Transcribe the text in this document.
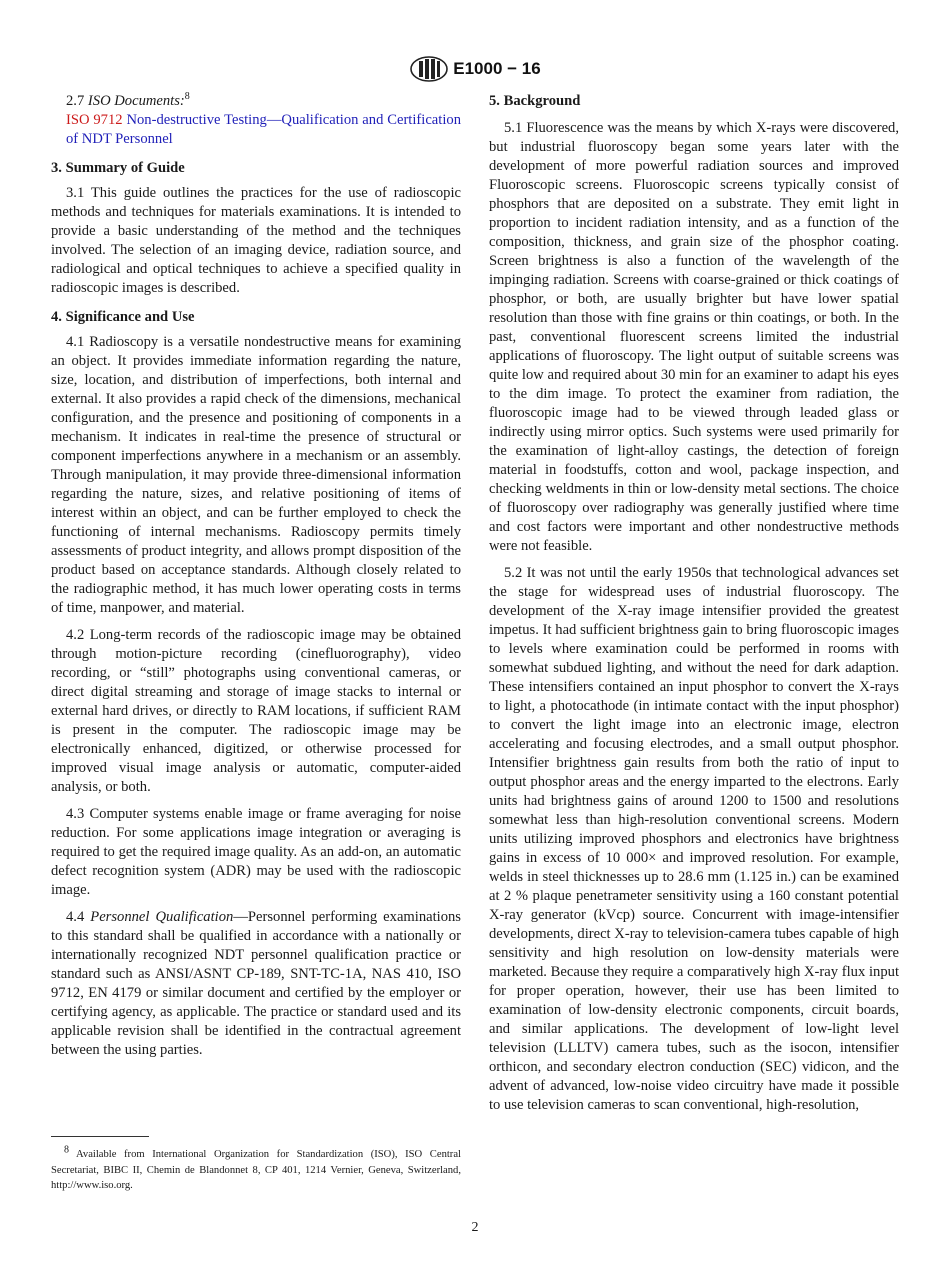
E1000 − 16

2.7 ISO Documents:$^8$

ISO 9712 Non-destructive Testing—Qualification and Certification of NDT Personnel

3. Summary of Guide

3.1 This guide outlines the practices for the use of radioscopic methods and techniques for materials examinations. It is intended to provide a basic understanding of the method and the techniques involved. The selection of an imaging device, radiation source, and radiological and optical techniques to achieve a specified quality in radioscopic images is described.

4. Significance and Use

4.1 Radioscopy is a versatile nondestructive means for examining an object. It provides immediate information regarding the nature, size, location, and distribution of imperfections, both internal and external. It also provides a rapid check of the dimensions, mechanical configuration, and the presence and positioning of components in a mechanism. It indicates in real-time the presence of structural or component imperfections anywhere in a mechanism or an assembly. Through manipulation, it may provide three-dimensional information regarding the nature, sizes, and relative positioning of items of interest within an object, and can be further employed to check the functioning of internal mechanisms. Radioscopy permits timely assessments of product integrity, and allows prompt disposition of the product based on acceptance standards. Although closely related to the radiographic method, it has much lower operating costs in terms of time, manpower, and material.

4.2 Long-term records of the radioscopic image may be obtained through motion-picture recording (cinefluorography), video recording, or “still” photographs using conventional cameras, or direct digital streaming and storage of image stacks to internal or external hard drives, or directly to RAM locations, if sufficient RAM is present in the computer. The radioscopic image may be electronically enhanced, digitized, or otherwise processed for improved visual image analysis or automatic, computer-aided analysis, or both.

4.3 Computer systems enable image or frame averaging for noise reduction. For some applications image integration or averaging is required to get the required image quality. As an add-on, an automatic defect recognition system (ADR) may be used with the radioscopic image.

4.4 Personnel Qualification—Personnel performing examinations to this standard shall be qualified in accordance with a nationally or internationally recognized NDT personnel qualification practice or standard such as ANSI/ASNT CP-189, SNT-TC-1A, NAS 410, ISO 9712, EN 4179 or similar document and certified by the employer or certifying agency, as applicable. The practice or standard used and its applicable revision shall be identified in the contractual agreement between the using parties.

$^8$ Available from International Organization for Standardization (ISO), ISO Central Secretariat, BIBC II, Chemin de Blandonnet 8, CP 401, 1214 Vernier, Geneva, Switzerland, http://www.iso.org.

5. Background

5.1 Fluorescence was the means by which X-rays were discovered, but industrial fluoroscopy began some years later with the development of more powerful radiation sources and improved Fluoroscopic screens. Fluoroscopic screens typically consist of phosphors that are deposited on a substrate. They emit light in proportion to incident radiation intensity, and as a function of the composition, thickness, and grain size of the phosphor coating. Screen brightness is also a function of the wavelength of the impinging radiation. Screens with coarse-grained or thick coatings of phosphor, or both, are usually brighter but have lower spatial resolution than those with fine grains or thin coatings, or both. In the past, conventional fluorescent screens limited the industrial applications of fluoroscopy. The light output of suitable screens was quite low and required about 30 min for an examiner to adapt his eyes to the dim image. To protect the examiner from radiation, the fluoroscopic image had to be viewed through leaded glass or indirectly using mirror optics. Such systems were used primarily for the examination of light-alloy castings, the detection of foreign material in foodstuffs, cotton and wool, package inspection, and checking weldments in thin or low-density metal sections. The choice of fluoroscopy over radiography was generally justified where time and cost factors were important and other nondestructive methods were not feasible.

5.2 It was not until the early 1950s that technological advances set the stage for widespread uses of industrial fluoroscopy. The development of the X-ray image intensifier provided the greatest impetus. It had sufficient brightness gain to bring fluoroscopic images to levels where examination could be performed in rooms with somewhat subdued lighting, and without the need for dark adaption. These intensifiers contained an input phosphor to convert the X-rays to light, a photocathode (in intimate contact with the input phosphor) to convert the light image into an electronic image, electron accelerating and focusing electrodes, and a small output phosphor. Intensifier brightness gain results from both the ratio of input to output phosphor areas and the energy imparted to the electrons. Early units had brightness gains of around 1200 to 1500 and resolutions somewhat less than high-resolution conventional screens. Modern units utilizing improved phosphors and electronics have brightness gains in excess of 10 000× and improved resolution. For example, welds in steel thicknesses up to 28.6 mm (1.125 in.) can be examined at 2 % plaque penetrameter sensitivity using a 160 constant potential X-ray generator (kVcp) source. Concurrent with image-intensifier developments, direct X-ray to television-camera tubes capable of high sensitivity and high resolution on low-density materials were marketed. Because they require a comparatively high X-ray flux input for proper operation, however, their use has been limited to examination of low-density electronic components, circuit boards, and similar applications. The development of low-light level television (LLLTV) camera tubes, such as the isocon, intensifier orthicon, and secondary electron conduction (SEC) vidicon, and the advent of advanced, low-noise video circuitry have made it possible to use television cameras to scan conventional, high-resolution,

2
